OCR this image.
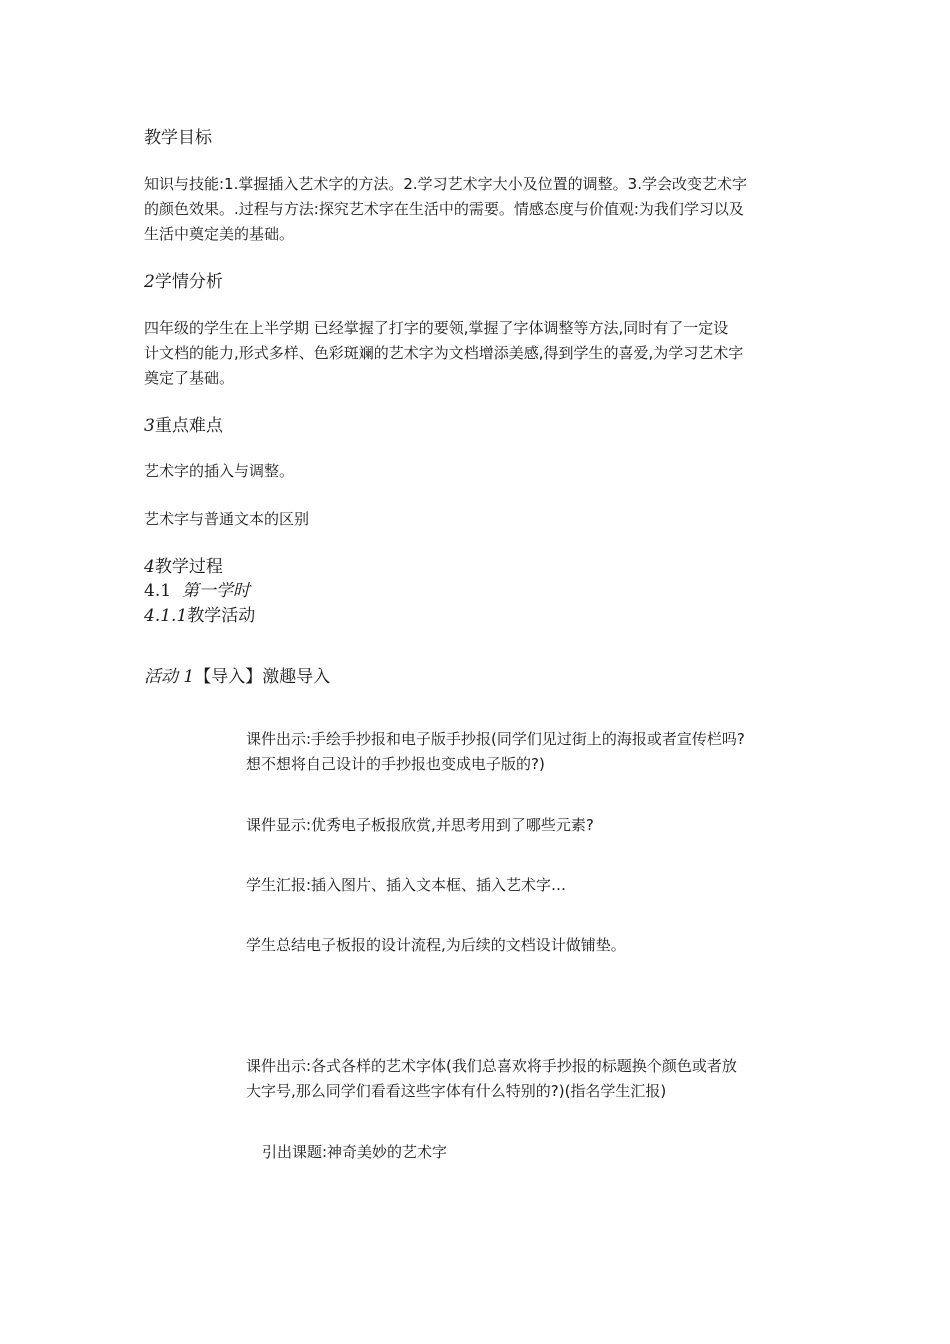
教学目标
知识与技能:1.掌握插入艺术字的方法。2.学习艺术字大小及位置的调整。3.学会改变艺术字
的颜色效果。.过程与方法:探究艺术字在生活中的需要。情感态度与价值观:为我们学习以及
生活中奠定美的基础。
2学情分析
四年级的学生在上半学期 已经掌握了打字的要领,掌握了字体调整等方法,同时有了一定设
计文档的能力,形式多样、色彩斑斓的艺术字为文档增添美感,得到学生的喜爱,为学习艺术字
奠定了基础。
3重点难点
艺术字的插入与调整。
艺术字与普通文本的区别
4教学过程
4.1 第一学时
4.1.1教学活动
活动 1【导入】激趣导入
课件出示:手绘手抄报和电子版手抄报(同学们见过街上的海报或者宣传栏吗?
想不想将自己设计的手抄报也变成电子版的?)
课件显示:优秀电子板报欣赏,并思考用到了哪些元素?
学生汇报:插入图片、插入文本框、插入艺术字…
学生总结电子板报的设计流程,为后续的文档设计做铺垫。
课件出示:各式各样的艺术字体(我们总喜欢将手抄报的标题换个颜色或者放
大字号,那么同学们看看这些字体有什么特别的?)(指名学生汇报)
引出课题:神奇美妙的艺术字
